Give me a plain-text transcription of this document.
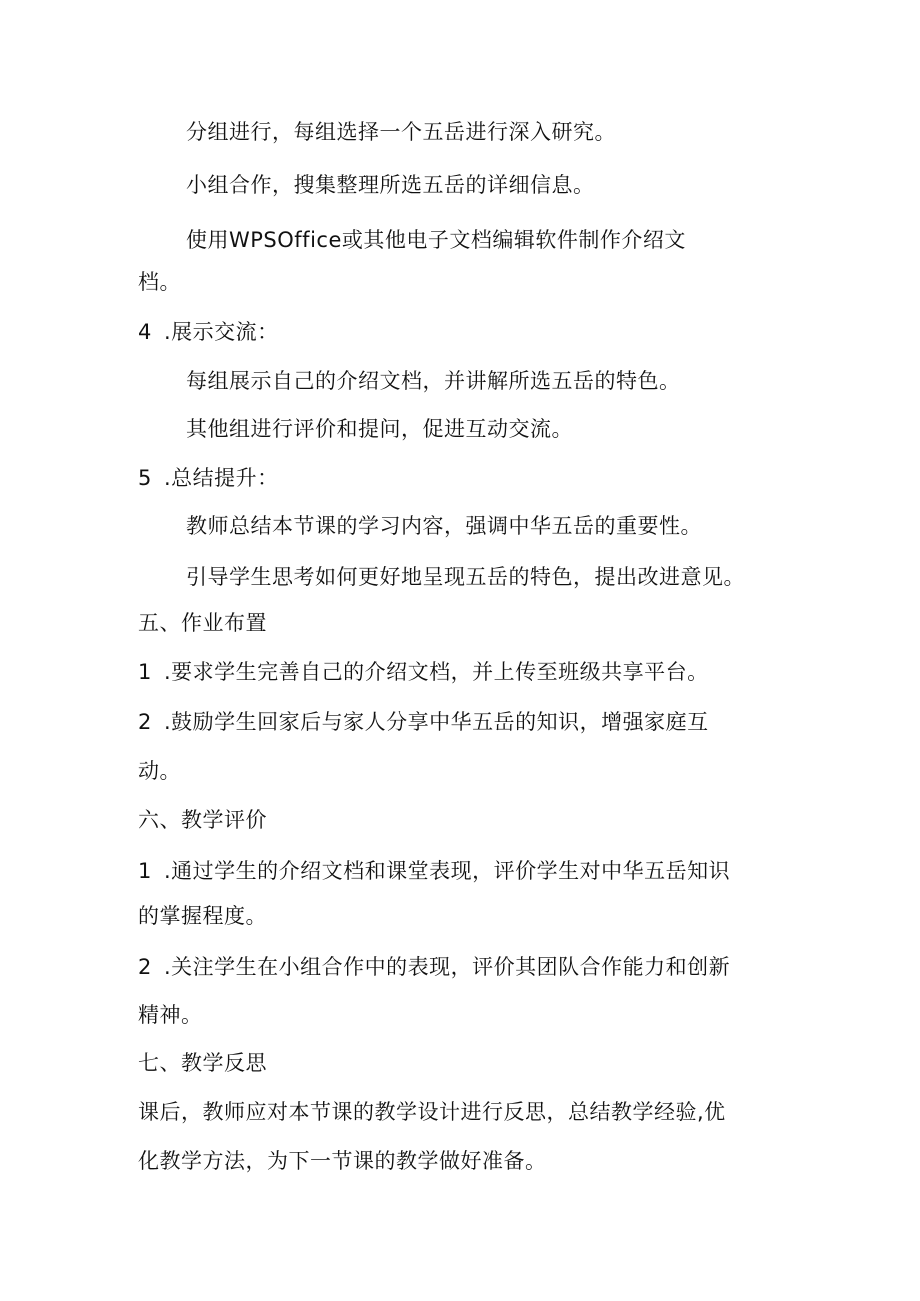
分组进行，每组选择一个五岳进行深入研究。
小组合作，搜集整理所选五岳的详细信息。
使用WPSOffice或其他电子文档编辑软件制作介绍文
档。
4 .展示交流：
每组展示自己的介绍文档，并讲解所选五岳的特色。
其他组进行评价和提问，促进互动交流。
5 .总结提升：
教师总结本节课的学习内容，强调中华五岳的重要性。
引导学生思考如何更好地呈现五岳的特色，提出改进意见。
五、作业布置
1 .要求学生完善自己的介绍文档，并上传至班级共享平台。
2 .鼓励学生回家后与家人分享中华五岳的知识，增强家庭互
动。
六、教学评价
1 .通过学生的介绍文档和课堂表现，评价学生对中华五岳知识
的掌握程度。
2 .关注学生在小组合作中的表现，评价其团队合作能力和创新
精神。
七、教学反思
课后，教师应对本节课的教学设计进行反思，总结教学经验,优
化教学方法，为下一节课的教学做好准备。
